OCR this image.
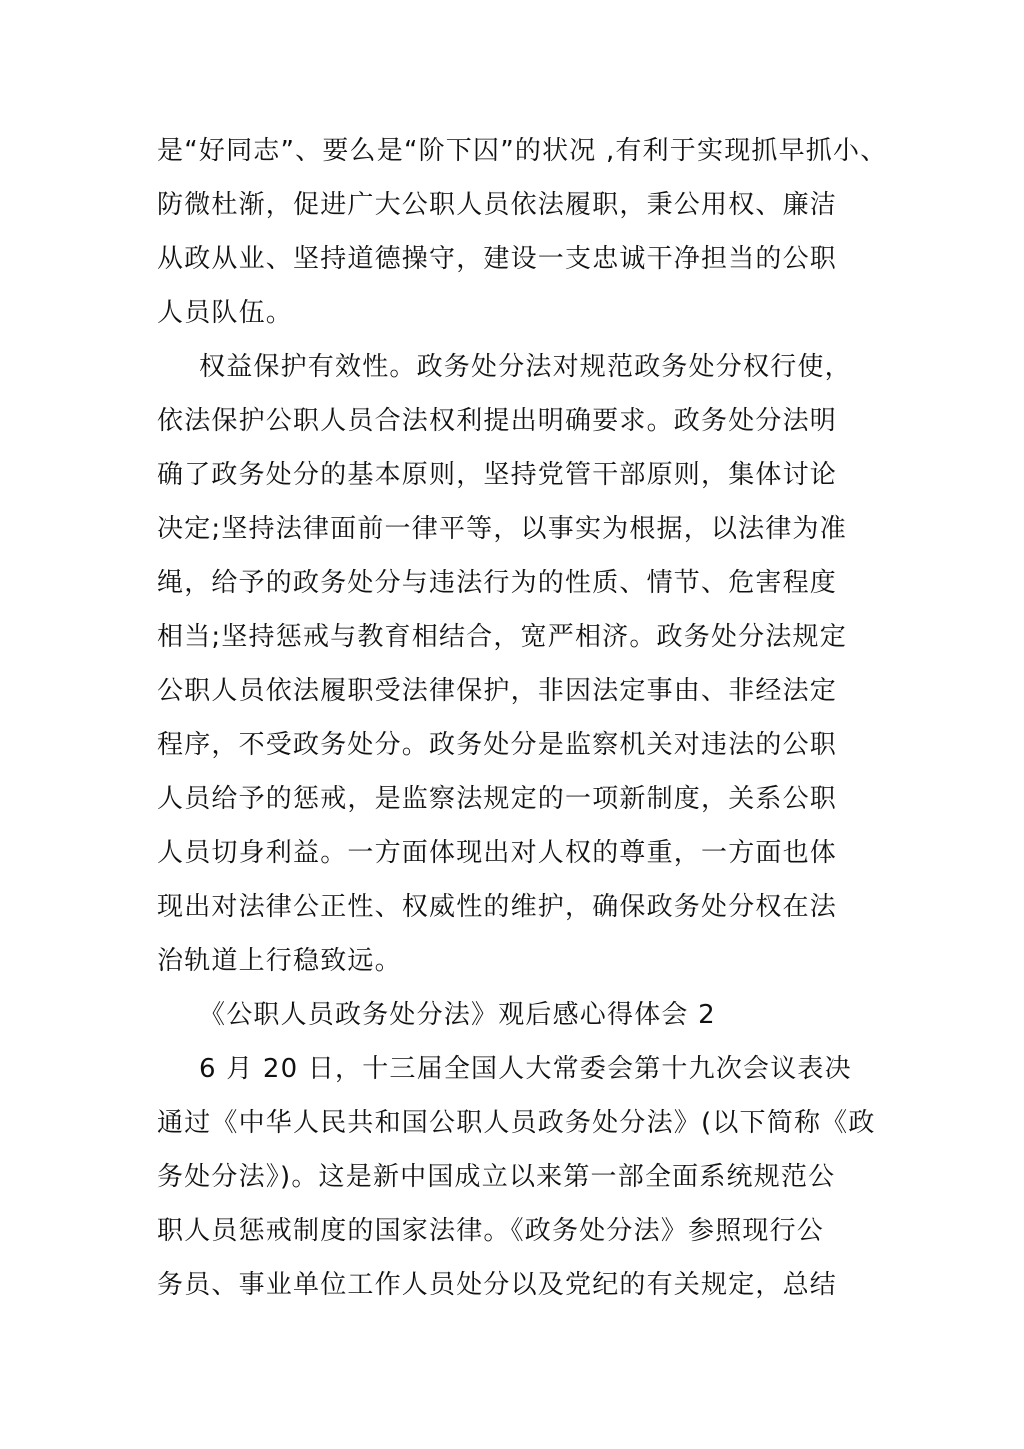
是“好同志”、要么是“阶下囚”的状况 ,有利于实现抓早抓小、
防微杜渐，促进广大公职人员依法履职，秉公用权、廉洁
从政从业、坚持道德操守，建设一支忠诚干净担当的公职
人员队伍。
权益保护有效性。政务处分法对规范政务处分权行使，
依法保护公职人员合法权利提出明确要求。政务处分法明
确了政务处分的基本原则，坚持党管干部原则，集体讨论
决定;坚持法律面前一律平等，以事实为根据，以法律为准
绳，给予的政务处分与违法行为的性质、情节、危害程度
相当;坚持惩戒与教育相结合，宽严相济。政务处分法规定
公职人员依法履职受法律保护，非因法定事由、非经法定
程序，不受政务处分。政务处分是监察机关对违法的公职
人员给予的惩戒，是监察法规定的一项新制度，关系公职
人员切身利益。一方面体现出对人权的尊重，一方面也体
现出对法律公正性、权威性的维护，确保政务处分权在法
治轨道上行稳致远。
《公职人员政务处分法》观后感心得体会 2
6 月 20 日，十三届全国人大常委会第十九次会议表决
通过《中华人民共和国公职人员政务处分法》(以下简称《政
务处分法》)。这是新中国成立以来第一部全面系统规范公
职人员惩戒制度的国家法律。《政务处分法》参照现行公
务员、事业单位工作人员处分以及党纪的有关规定，总结
